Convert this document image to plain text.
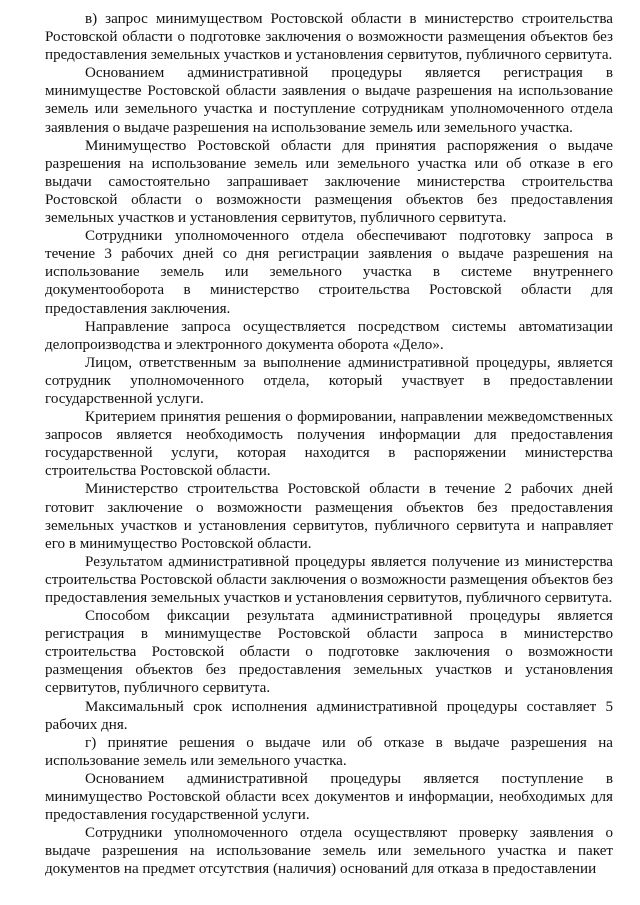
в) запрос минимуществом Ростовской области в министерство строительства Ростовской области о подготовке заключения о возможности размещения объектов без предоставления земельных участков и установления сервитутов, публичного сервитута.

Основанием административной процедуры является регистрация в минимуществе Ростовской области заявления о выдаче разрешения на использование земель или земельного участка и поступление сотрудникам уполномоченного отдела заявления о выдаче разрешения на использование земель или земельного участка.

Минимущество Ростовской области для принятия распоряжения о выдаче разрешения на использование земель или земельного участка или об отказе в его выдачи самостоятельно запрашивает заключение министерства строительства Ростовской области о возможности размещения объектов без предоставления земельных участков и установления сервитутов, публичного сервитута.

Сотрудники уполномоченного отдела обеспечивают подготовку запроса в течение 3 рабочих дней со дня регистрации заявления о выдаче разрешения на использование земель или земельного участка в системе внутреннего документооборота в министерство строительства Ростовской области для предоставления заключения.

Направление запроса осуществляется посредством системы автоматизации делопроизводства и электронного документа оборота «Дело».

Лицом, ответственным за выполнение административной процедуры, является сотрудник уполномоченного отдела, который участвует в предоставлении государственной услуги.

Критерием принятия решения о формировании, направлении межведомственных запросов является необходимость получения информации для предоставления государственной услуги, которая находится в распоряжении министерства строительства Ростовской области.

Министерство строительства Ростовской области в течение 2 рабочих дней готовит заключение о возможности размещения объектов без предоставления земельных участков и установления сервитутов, публичного сервитута и направляет его в минимущество Ростовской области.

Результатом административной процедуры является получение из министерства строительства Ростовской области заключения о возможности размещения объектов без предоставления земельных участков и установления сервитутов, публичного сервитута.

Способом фиксации результата административной процедуры является регистрация в минимуществе Ростовской области запроса в министерство строительства Ростовской области о подготовке заключения о возможности размещения объектов без предоставления земельных участков и установления сервитутов, публичного сервитута.

Максимальный срок исполнения административной процедуры составляет 5 рабочих дня.

г) принятие решения о выдаче или об отказе в выдаче разрешения на использование земель или земельного участка.

Основанием административной процедуры является поступление в минимущество Ростовской области всех документов и информации, необходимых для предоставления государственной услуги.

Сотрудники уполномоченного отдела осуществляют проверку заявления о выдаче разрешения на использование земель или земельного участка и пакет документов на предмет отсутствия (наличия) оснований для отказа в предоставлении
